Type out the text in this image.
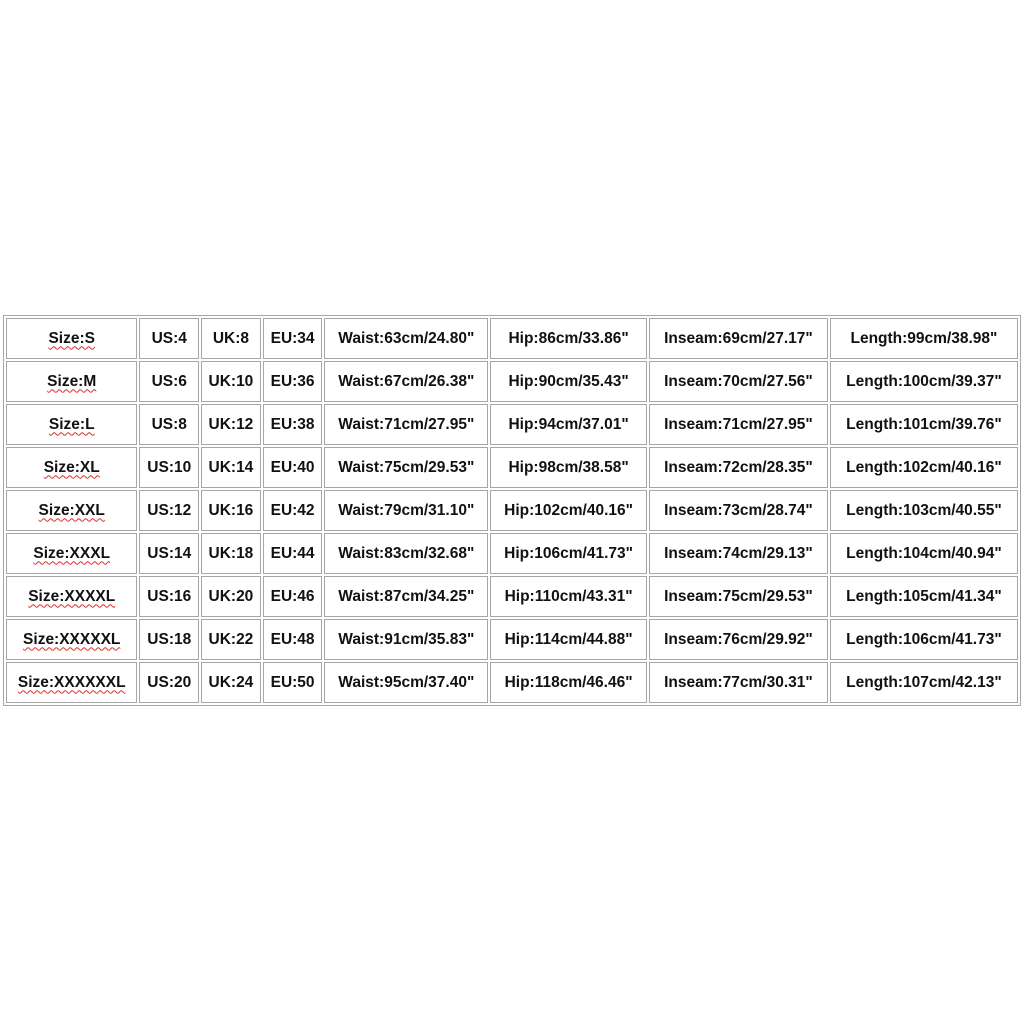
Size:S	US:4	UK:8	EU:34	Waist:63cm/24.80"	Hip:86cm/33.86"	Inseam:69cm/27.17"	Length:99cm/38.98"
Size:M	US:6	UK:10	EU:36	Waist:67cm/26.38"	Hip:90cm/35.43"	Inseam:70cm/27.56"	Length:100cm/39.37"
Size:L	US:8	UK:12	EU:38	Waist:71cm/27.95"	Hip:94cm/37.01"	Inseam:71cm/27.95"	Length:101cm/39.76"
Size:XL	US:10	UK:14	EU:40	Waist:75cm/29.53"	Hip:98cm/38.58"	Inseam:72cm/28.35"	Length:102cm/40.16"
Size:XXL	US:12	UK:16	EU:42	Waist:79cm/31.10"	Hip:102cm/40.16"	Inseam:73cm/28.74"	Length:103cm/40.55"
Size:XXXL	US:14	UK:18	EU:44	Waist:83cm/32.68"	Hip:106cm/41.73"	Inseam:74cm/29.13"	Length:104cm/40.94"
Size:XXXXL	US:16	UK:20	EU:46	Waist:87cm/34.25"	Hip:110cm/43.31"	Inseam:75cm/29.53"	Length:105cm/41.34"
Size:XXXXXL	US:18	UK:22	EU:48	Waist:91cm/35.83"	Hip:114cm/44.88"	Inseam:76cm/29.92"	Length:106cm/41.73"
Size:XXXXXXL	US:20	UK:24	EU:50	Waist:95cm/37.40"	Hip:118cm/46.46"	Inseam:77cm/30.31"	Length:107cm/42.13"
